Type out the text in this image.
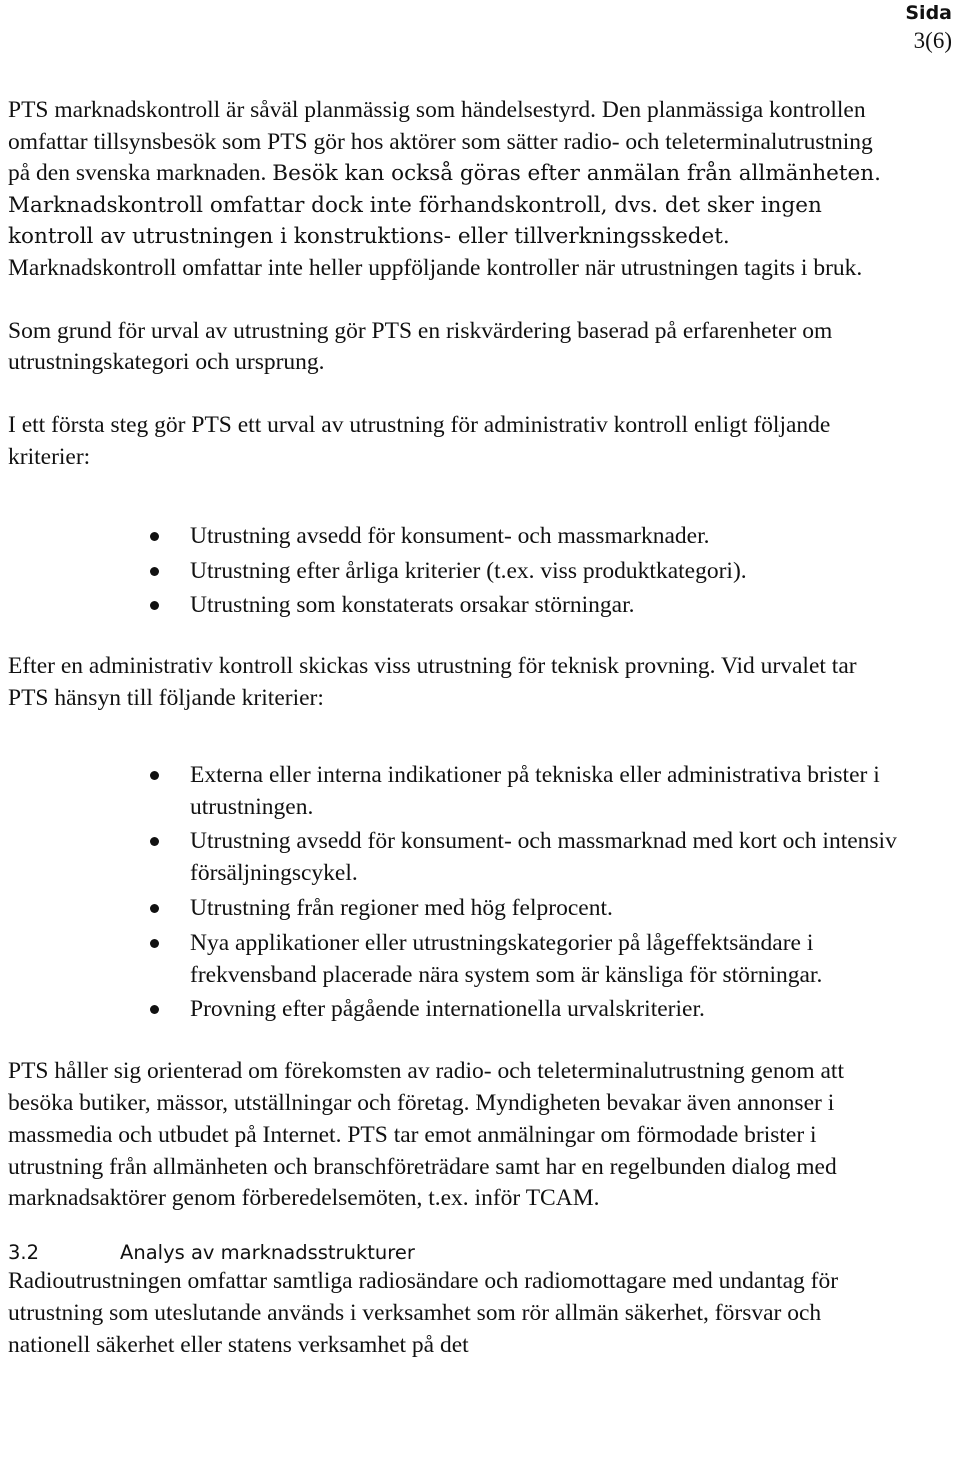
Sida
3(6)

PTS marknadskontroll är såväl planmässig som händelsestyrd. Den planmässiga kontrollen omfattar tillsynsbesök som PTS gör hos aktörer som sätter radio- och teleterminalutrustning på den svenska marknaden. Besök kan också göras efter anmälan från allmänheten. Marknadskontroll omfattar dock inte förhandskontroll, dvs. det sker ingen kontroll av utrustningen i konstruktions- eller tillverkningsskedet. Marknadskontroll omfattar inte heller uppföljande kontroller när utrustningen tagits i bruk.

Som grund för urval av utrustning gör PTS en riskvärdering baserad på erfarenheter om utrustningskategori och ursprung.

I ett första steg gör PTS ett urval av utrustning för administrativ kontroll enligt följande kriterier:

Utrustning avsedd för konsument- och massmarknader.
Utrustning efter årliga kriterier (t.ex. viss produktkategori).
Utrustning som konstaterats orsakar störningar.

Efter en administrativ kontroll skickas viss utrustning för teknisk provning. Vid urvalet tar PTS hänsyn till följande kriterier:

Externa eller interna indikationer på tekniska eller administrativa brister i utrustningen.
Utrustning avsedd för konsument- och massmarknad med kort och intensiv försäljningscykel.
Utrustning från regioner med hög felprocent.
Nya applikationer eller utrustningskategorier på lågeffektsändare i frekvensband placerade nära system som är känsliga för störningar.
Provning efter pågående internationella urvalskriterier.

PTS håller sig orienterad om förekomsten av radio- och teleterminalutrustning genom att besöka butiker, mässor, utställningar och företag. Myndigheten bevakar även annonser i massmedia och utbudet på Internet. PTS tar emot anmälningar om förmodade brister i utrustning från allmänheten och branschföreträdare samt har en regelbunden dialog med marknadsaktörer genom förberedelsemöten, t.ex. inför TCAM.

3.2	Analys av marknadsstrukturer

Radioutrustningen omfattar samtliga radiosändare och radiomottagare med undantag för utrustning som uteslutande används i verksamhet som rör allmän säkerhet, försvar och nationell säkerhet eller statens verksamhet på det
